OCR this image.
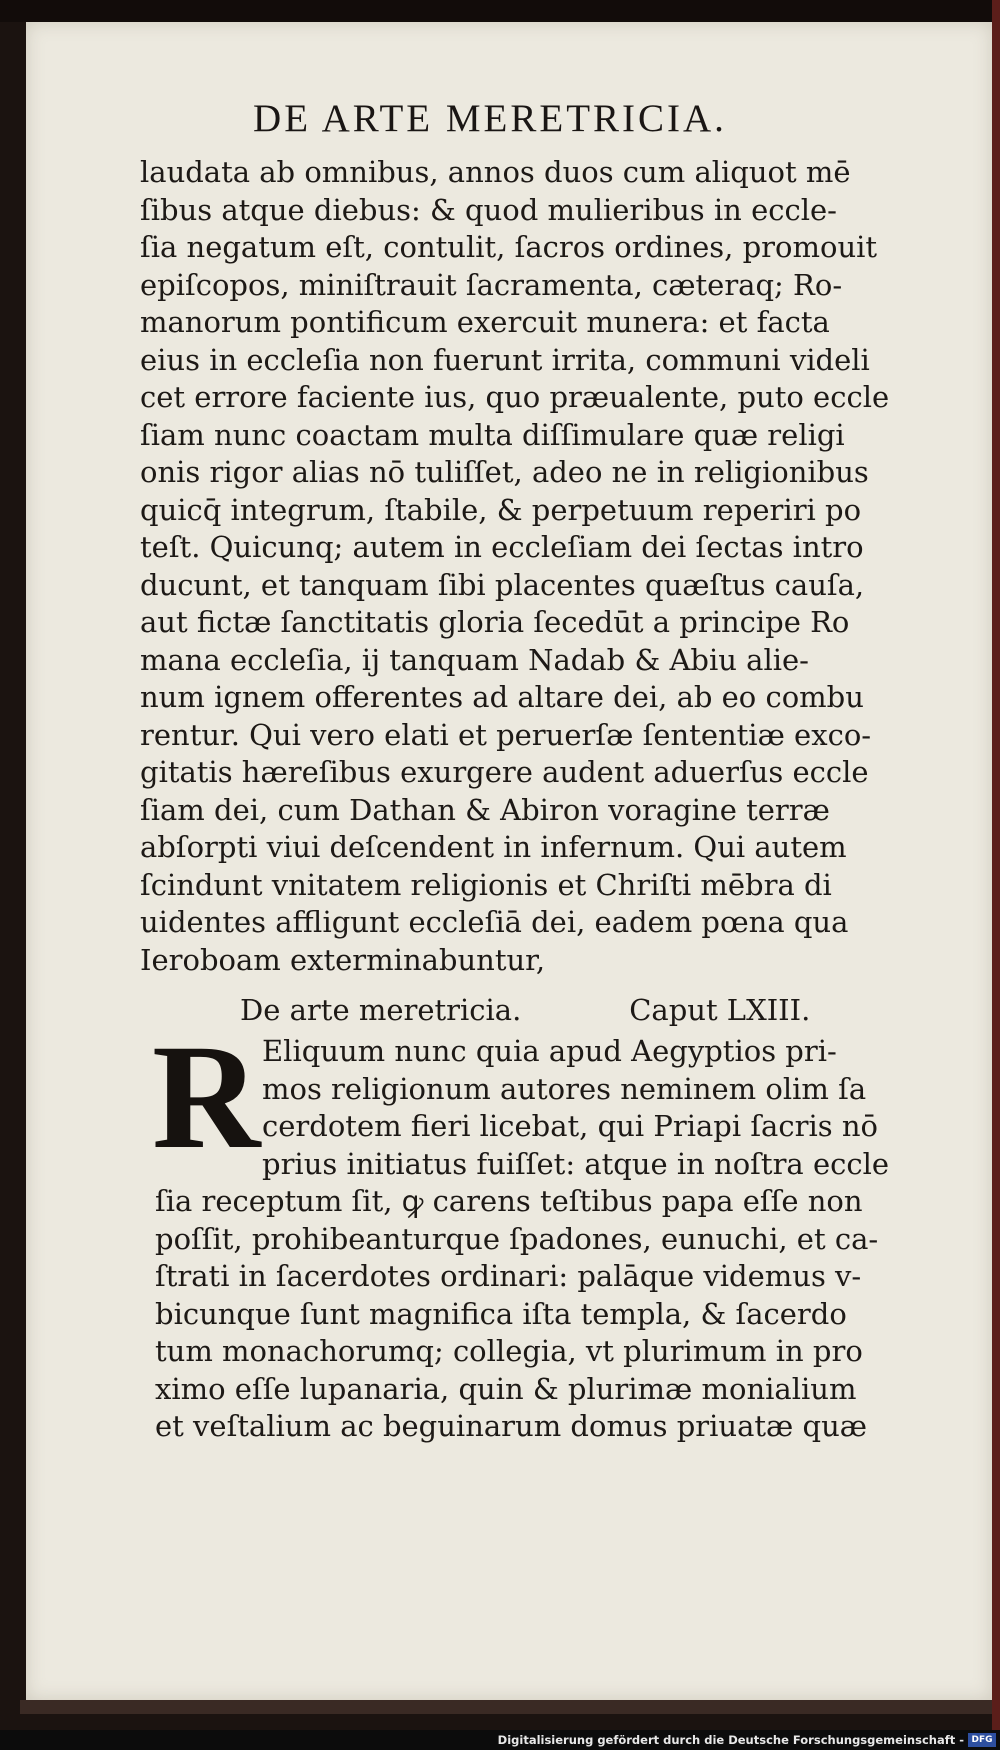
DE ARTE MERETRICIA.
laudata ab omnibus, annos duos cum aliquot mē
ſibus atque diebus: & quod mulieribus in eccle-
ſia negatum eſt, contulit, ſacros ordines, promouit
epiſcopos, miniſtrauit ſacramenta, cæteraq; Ro-
manorum pontificum exercuit munera: et facta
eius in eccleſia non fuerunt irrita, communi videli
cet errore faciente ius, quo præualente, puto eccle
ſiam nunc coactam multa diſſimulare quæ religi
onis rigor alias nō tuliſſet, adeo ne in religionibus
quicq̄ integrum, ſtabile, & perpetuum reperiri po
teſt. Quicunq; autem in eccleſiam dei ſectas intro
ducunt, et tanquam ſibi placentes quæſtus cauſa,
aut fictæ ſanctitatis gloria ſecedūt a principe Ro
mana eccleſia, ij tanquam Nadab & Abiu alie-
num ignem offerentes ad altare dei, ab eo combu
rentur. Qui vero elati et peruerſæ ſententiæ exco-
gitatis hæreſibus exurgere audent aduerſus eccle
ſiam dei, cum Dathan & Abiron voragine terræ
abſorpti viui deſcendent in infernum. Qui autem
ſcindunt vnitatem religionis et Chriſti mēbra di
uidentes affligunt eccleſiā dei, eadem pœna qua
Ieroboam exterminabuntur,
De arte meretricia.	Caput LXIII.
R Eliquum nunc quia apud Aegyptios pri-
mos religionum autores neminem olim ſa
cerdotem fieri licebat, qui Priapi ſacris nō
prius initiatus fuiſſet: atque in noſtra eccle
ſia receptum ſit, ꝙ carens teſtibus papa eſſe non
poſſit, prohibeanturque ſpadones, eunuchi, et ca-
ſtrati in ſacerdotes ordinari: palāque videmus v-
bicunque ſunt magnifica iſta templa, & ſacerdo
tum monachorumq; collegia, vt plurimum in pro
ximo eſſe lupanaria, quin & plurimæ monialium
et veſtalium ac beguinarum domus priuatæ quæ
Digitalisierung gefördert durch die Deutsche Forschungsgemeinschaft - DFG
